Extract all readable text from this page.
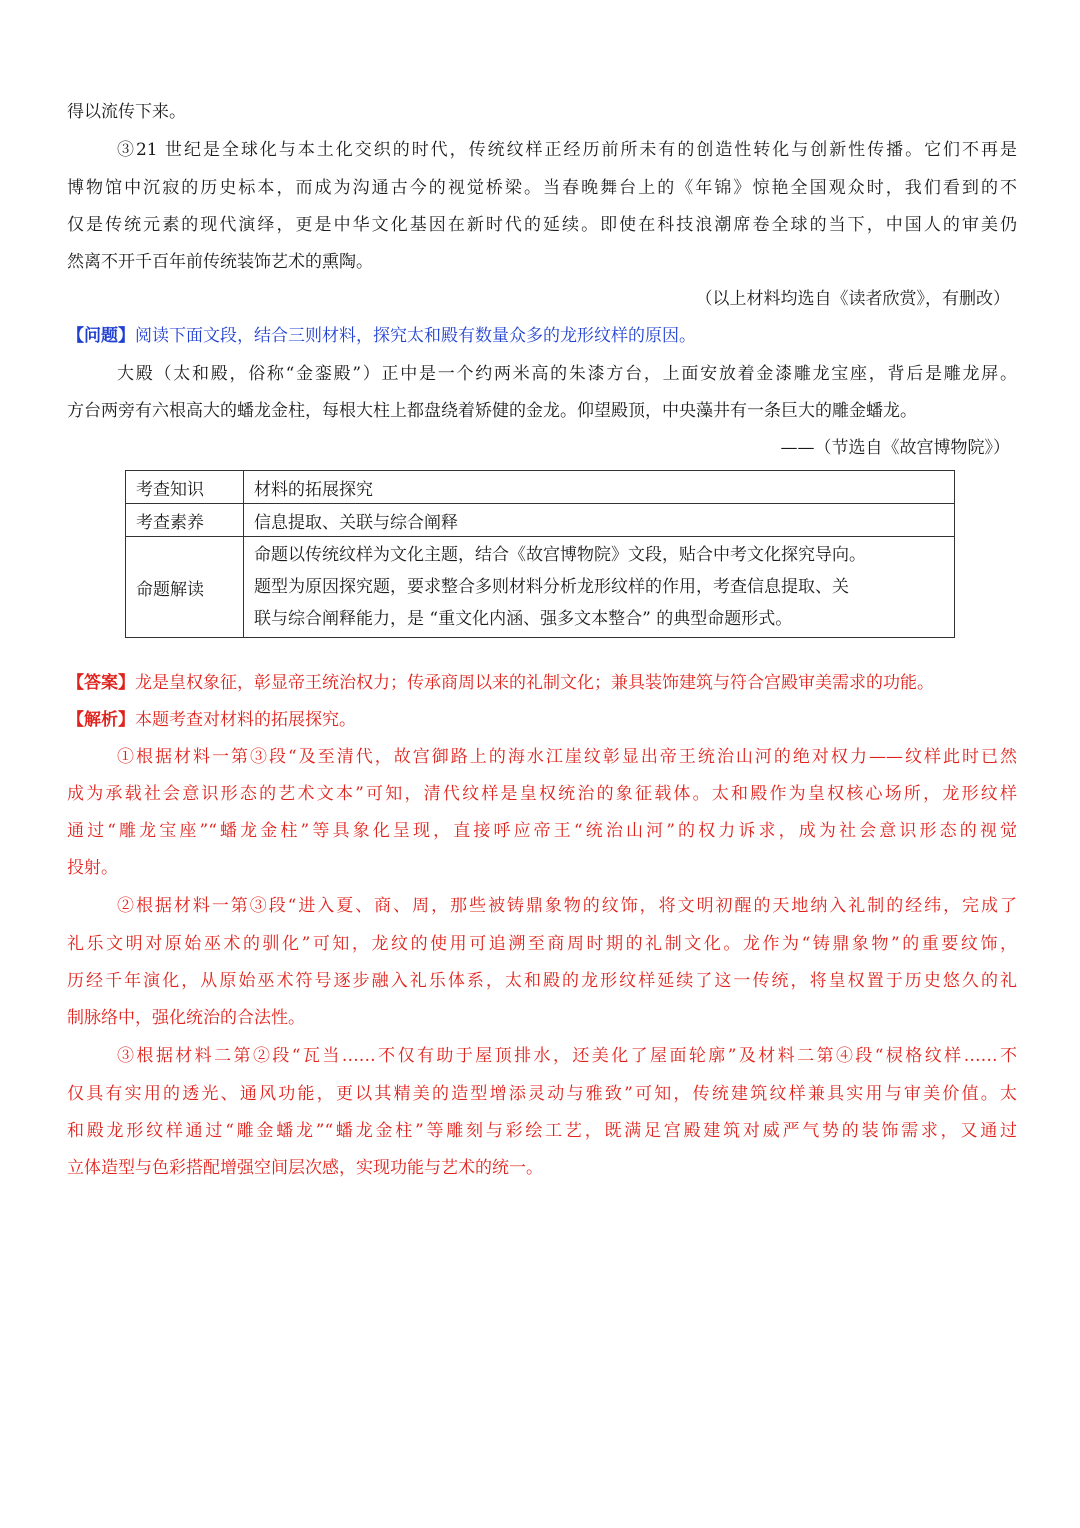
得以流传下来。
③21 世纪是全球化与本土化交织的时代，传统纹样正经历前所未有的创造性转化与创新性传播。它们不再是
博物馆中沉寂的历史标本，而成为沟通古今的视觉桥梁。当春晚舞台上的《年锦》惊艳全国观众时，我们看到的不
仅是传统元素的现代演绎，更是中华文化基因在新时代的延续。即使在科技浪潮席卷全球的当下，中国人的审美仍
然离不开千百年前传统装饰艺术的熏陶。
（以上材料均选自《读者欣赏》，有删改）
【问题】阅读下面文段，结合三则材料，探究太和殿有数量众多的龙形纹样的原因。
大殿（太和殿，俗称“金銮殿”）正中是一个约两米高的朱漆方台，上面安放着金漆雕龙宝座，背后是雕龙屏。
方台两旁有六根高大的蟠龙金柱，每根大柱上都盘绕着矫健的金龙。仰望殿顶，中央藻井有一条巨大的雕金蟠龙。
——（节选自《故宫博物院》）
考查知识	材料的拓展探究
考查素养	信息提取、关联与综合阐释
命题解读	命题以传统纹样为文化主题，结合《故宫博物院》文段，贴合中考文化探究导向。
题型为原因探究题，要求整合多则材料分析龙形纹样的作用，考查信息提取、关
联与综合阐释能力，是 “重文化内涵、强多文本整合” 的典型命题形式。
【答案】龙是皇权象征，彰显帝王统治权力；传承商周以来的礼制文化；兼具装饰建筑与符合宫殿审美需求的功能。
【解析】本题考查对材料的拓展探究。
①根据材料一第③段“及至清代，故宫御路上的海水江崖纹彰显出帝王统治山河的绝对权力——纹样此时已然
成为承载社会意识形态的艺术文本”可知，清代纹样是皇权统治的象征载体。太和殿作为皇权核心场所，龙形纹样
通过“雕龙宝座”“蟠龙金柱”等具象化呈现，直接呼应帝王“统治山河”的权力诉求，成为社会意识形态的视觉
投射。
②根据材料一第③段“进入夏、商、周，那些被铸鼎象物的纹饰，将文明初醒的天地纳入礼制的经纬，完成了
礼乐文明对原始巫术的驯化”可知，龙纹的使用可追溯至商周时期的礼制文化。龙作为“铸鼎象物”的重要纹饰，
历经千年演化，从原始巫术符号逐步融入礼乐体系，太和殿的龙形纹样延续了这一传统，将皇权置于历史悠久的礼
制脉络中，强化统治的合法性。
③根据材料二第②段“瓦当……不仅有助于屋顶排水，还美化了屋面轮廓”及材料二第④段“棂格纹样……不
仅具有实用的透光、通风功能，更以其精美的造型增添灵动与雅致”可知，传统建筑纹样兼具实用与审美价值。太
和殿龙形纹样通过“雕金蟠龙”“蟠龙金柱”等雕刻与彩绘工艺，既满足宫殿建筑对威严气势的装饰需求，又通过
立体造型与色彩搭配增强空间层次感，实现功能与艺术的统一。
